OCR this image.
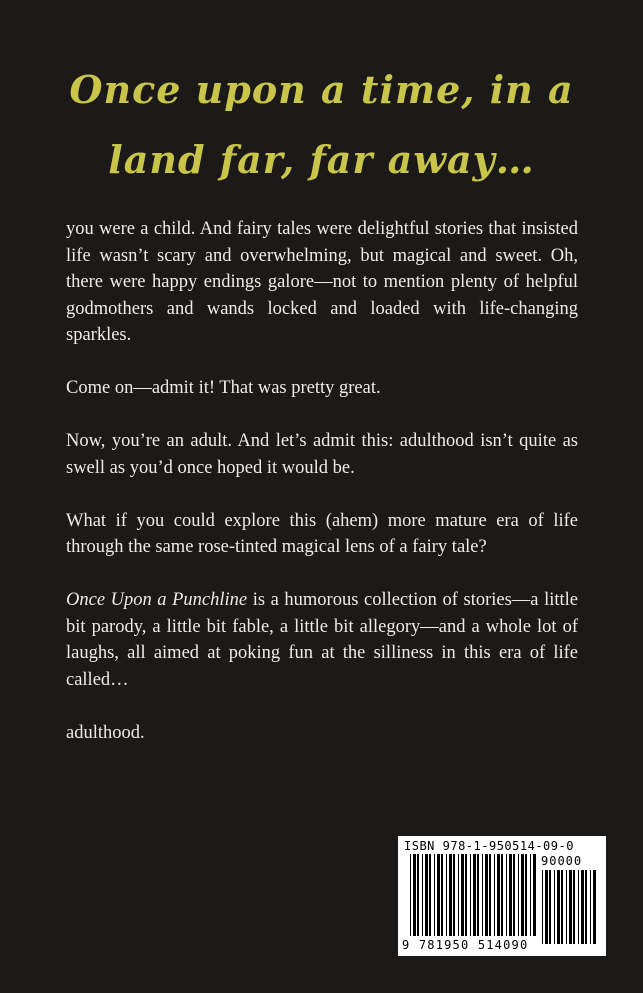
Once upon a time, in a land far, far away…

you were a child. And fairy tales were delightful stories that insisted life wasn’t scary and overwhelming, but magical and sweet. Oh, there were happy endings galore—not to mention plenty of helpful godmothers and wands locked and loaded with life-changing sparkles.

Come on—admit it! That was pretty great.

Now, you’re an adult. And let’s admit this: adulthood isn’t quite as swell as you’d once hoped it would be.

What if you could explore this (ahem) more mature era of life through the same rose-tinted magical lens of a fairy tale?

Once Upon a Punchline is a humorous collection of stories—a little bit parody, a little bit fable, a little bit allegory—and a whole lot of laughs, all aimed at poking fun at the silliness in this era of life called…

adulthood.

ISBN 978-1-950514-09-0
90000
9 781950 514090
